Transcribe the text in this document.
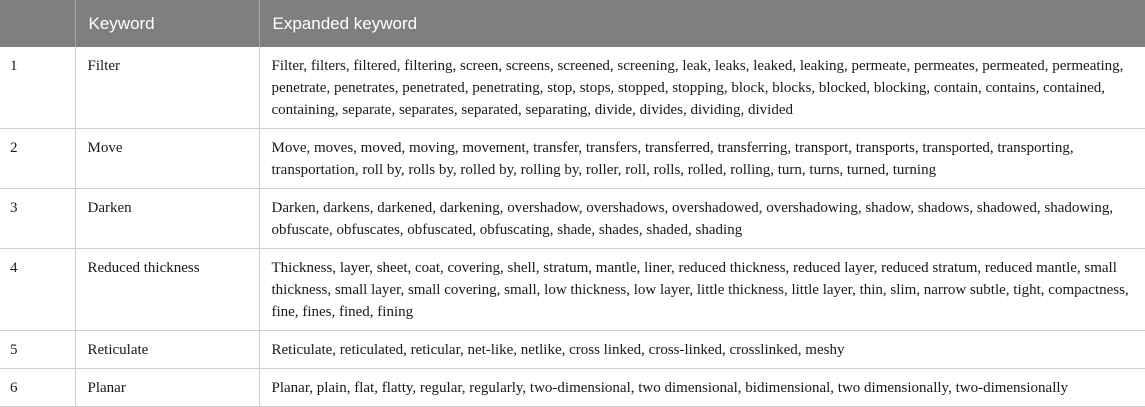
	Keyword	Expanded keyword
1	Filter	Filter, filters, filtered, filtering, screen, screens, screened, screening, leak, leaks, leaked, leaking, permeate, permeates, permeated, permeating, penetrate, penetrates, penetrated, penetrating, stop, stops, stopped, stopping, block, blocks, blocked, blocking, contain, contains, contained, containing, separate, separates, separated, separating, divide, divides, dividing, divided
2	Move	Move, moves, moved, moving, movement, transfer, transfers, transferred, transferring, transport, transports, transported, transporting, transportation, roll by, rolls by, rolled by, rolling by, roller, roll, rolls, rolled, rolling, turn, turns, turned, turning
3	Darken	Darken, darkens, darkened, darkening, overshadow, overshadows, overshadowed, overshadowing, shadow, shadows, shadowed, shadowing, obfuscate, obfuscates, obfuscated, obfuscating, shade, shades, shaded, shading
4	Reduced thickness	Thickness, layer, sheet, coat, covering, shell, stratum, mantle, liner, reduced thickness, reduced layer, reduced stratum, reduced mantle, small thickness, small layer, small covering, small, low thickness, low layer, little thickness, little layer, thin, slim, narrow subtle, tight, compactness, fine, fines, fined, fining
5	Reticulate	Reticulate, reticulated, reticular, net-like, netlike, cross linked, cross-linked, crosslinked, meshy
6	Planar	Planar, plain, flat, flatty, regular, regularly, two-dimensional, two dimensional, bidimensional, two dimensionally, two-dimensionally
